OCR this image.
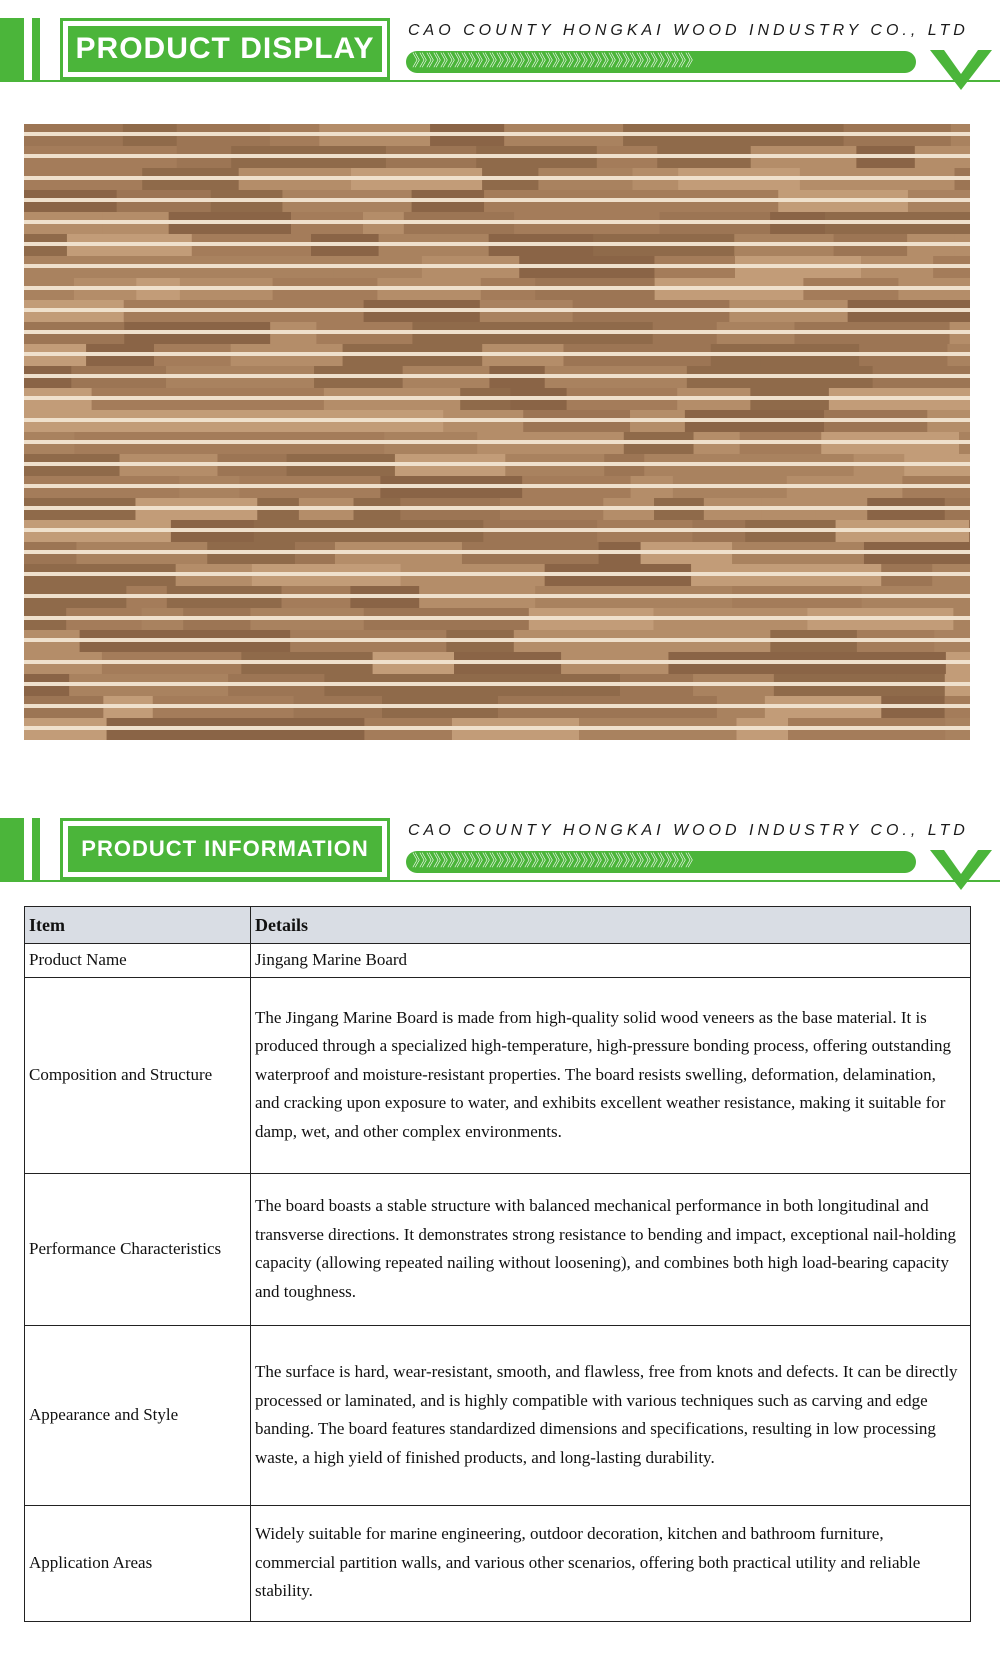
PRODUCT DISPLAY
CAO COUNTY HONGKAI WOOD INDUSTRY CO., LTD
》》》》》》》》》》》》》》》》》》》》》》》》》》》》》》》》》》》》》》》》
PRODUCT INFORMATION
CAO COUNTY HONGKAI WOOD INDUSTRY CO., LTD
》》》》》》》》》》》》》》》》》》》》》》》》》》》》》》》》》》》》》》》》
Item	Details
Product Name	Jingang Marine Board
Composition and Structure	The Jingang Marine Board is made from high-quality solid wood veneers as the base material. It is produced through a specialized high-temperature, high-pressure bonding process, offering outstanding waterproof and moisture-resistant properties. The board resists swelling, deformation, delamination, and cracking upon exposure to water, and exhibits excellent weather resistance, making it suitable for damp, wet, and other complex environments.
Performance Characteristics	The board boasts a stable structure with balanced mechanical performance in both longitudinal and transverse directions. It demonstrates strong resistance to bending and impact, exceptional nail-holding capacity (allowing repeated nailing without loosening), and combines both high load-bearing capacity and toughness.
Appearance and Style	The surface is hard, wear-resistant, smooth, and flawless, free from knots and defects. It can be directly processed or laminated, and is highly compatible with various techniques such as carving and edge banding. The board features standardized dimensions and specifications, resulting in low processing waste, a high yield of finished products, and long-lasting durability.
Application Areas	Widely suitable for marine engineering, outdoor decoration, kitchen and bathroom furniture, commercial partition walls, and various other scenarios, offering both practical utility and reliable stability.
